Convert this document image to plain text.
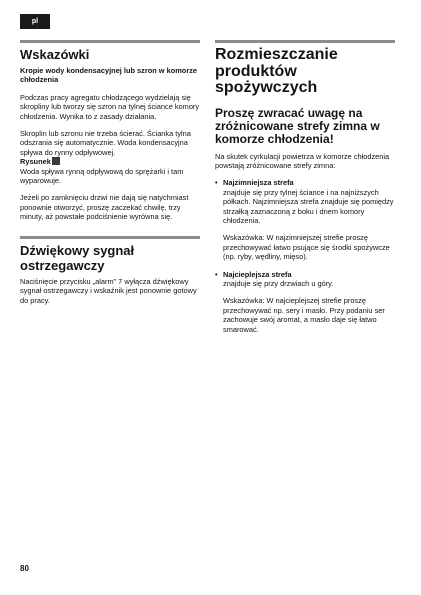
pl
Wskazówki

Kropie wody kondensacyjnej lub szron w komorze chłodzenia

Podczas pracy agregatu chłodzącego wydzielają się skropliny lub tworzy się szron na tylnej ściance komory chłodzenia. Wynika to z zasady działania.

Skroplin lub szronu nie trzeba ścierać. Ścianka tylna odszrania się automatycznie. Woda kondensacyjna spływa do rynny odpływowej.

Rysunek

Woda spływa rynną odpływową do sprężarki i tam wyparowuje.

Jeżeli po zamknięciu drzwi nie dają się natychmiast ponownie otworzyć, proszę zaczekać chwilę, trzy minuty, aż powstałe podciśnienie wyrówna się.

Dźwiękowy sygnał ostrzegawczy

Naciśnięcie przycisku „alarm” 7 wyłącza dźwiękowy sygnał ostrzegawczy i wskaźnik jest ponownie gotowy do pracy.

Rozmieszczanie produktów spożywczych
Proszę zwracać uwagę na zróżnicowane strefy zimna w komorze chłodzenia!

Na skutek cyrkulacji powietrza w komorze chłodzenia powstają zróżnicowane strefy zimna:

• Najzimniejsza strefa
znajduje się przy tylnej ściance i na najniższych półkach. Najzimniejsza strefa znajduje się pomiędzy strzałką zaznaczoną z boku i dnem komory chłodzenia.

Wskazówka: W najzimniejszej strefie proszę przechowywać łatwo psujące się środki spożywcze (np. ryby, wędliny, mięso).

• Najcieplejsza strefa
znajduje się przy drzwiach u góry.

Wskazówka: W najcieplejszej strefie proszę przechowywać np. sery i masło. Przy podaniu ser zachowuje swój aromat, a masło daje się łatwo smarować.

80
